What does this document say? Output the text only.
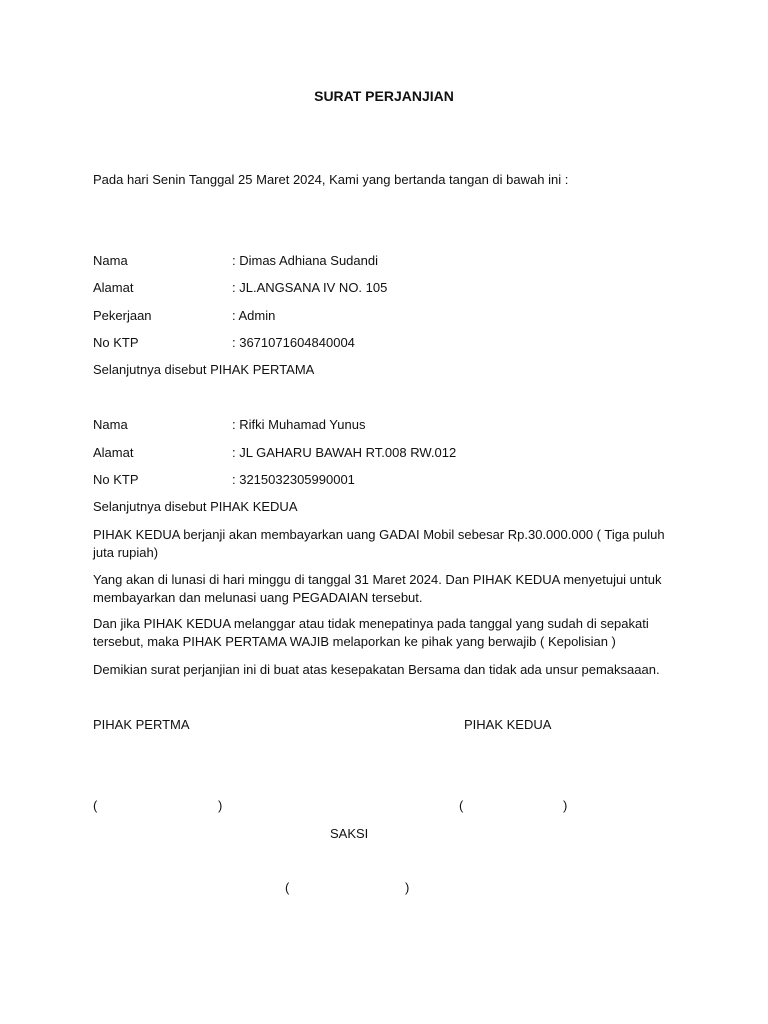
SURAT PERJANJIAN
Pada hari Senin Tanggal 25 Maret 2024, Kami yang bertanda tangan di bawah ini :
Nama	: Dimas Adhiana Sudandi
Alamat	: JL.ANGSANA IV NO. 105
Pekerjaan	: Admin
No KTP	: 3671071604840004
Selanjutnya disebut PIHAK PERTAMA
Nama	: Rifki Muhamad Yunus
Alamat	: JL GAHARU BAWAH RT.008 RW.012
No KTP	: 3215032305990001
Selanjutnya disebut PIHAK KEDUA
PIHAK KEDUA berjanji akan membayarkan uang GADAI Mobil sebesar Rp.30.000.000 ( Tiga puluh juta rupiah)
Yang akan di lunasi di hari minggu di tanggal 31 Maret 2024. Dan PIHAK KEDUA menyetujui untuk membayarkan dan melunasi uang PEGADAIAN tersebut.
Dan jika PIHAK KEDUA melanggar atau tidak menepatinya pada tanggal yang sudah di sepakati tersebut, maka PIHAK PERTAMA WAJIB melaporkan ke pihak yang berwajib ( Kepolisian )
Demikian surat perjanjian ini di buat atas kesepakatan Bersama dan tidak ada unsur pemaksaaan.
PIHAK PERTMA	PIHAK KEDUA
(	)	(	)
SAKSI
(	)
